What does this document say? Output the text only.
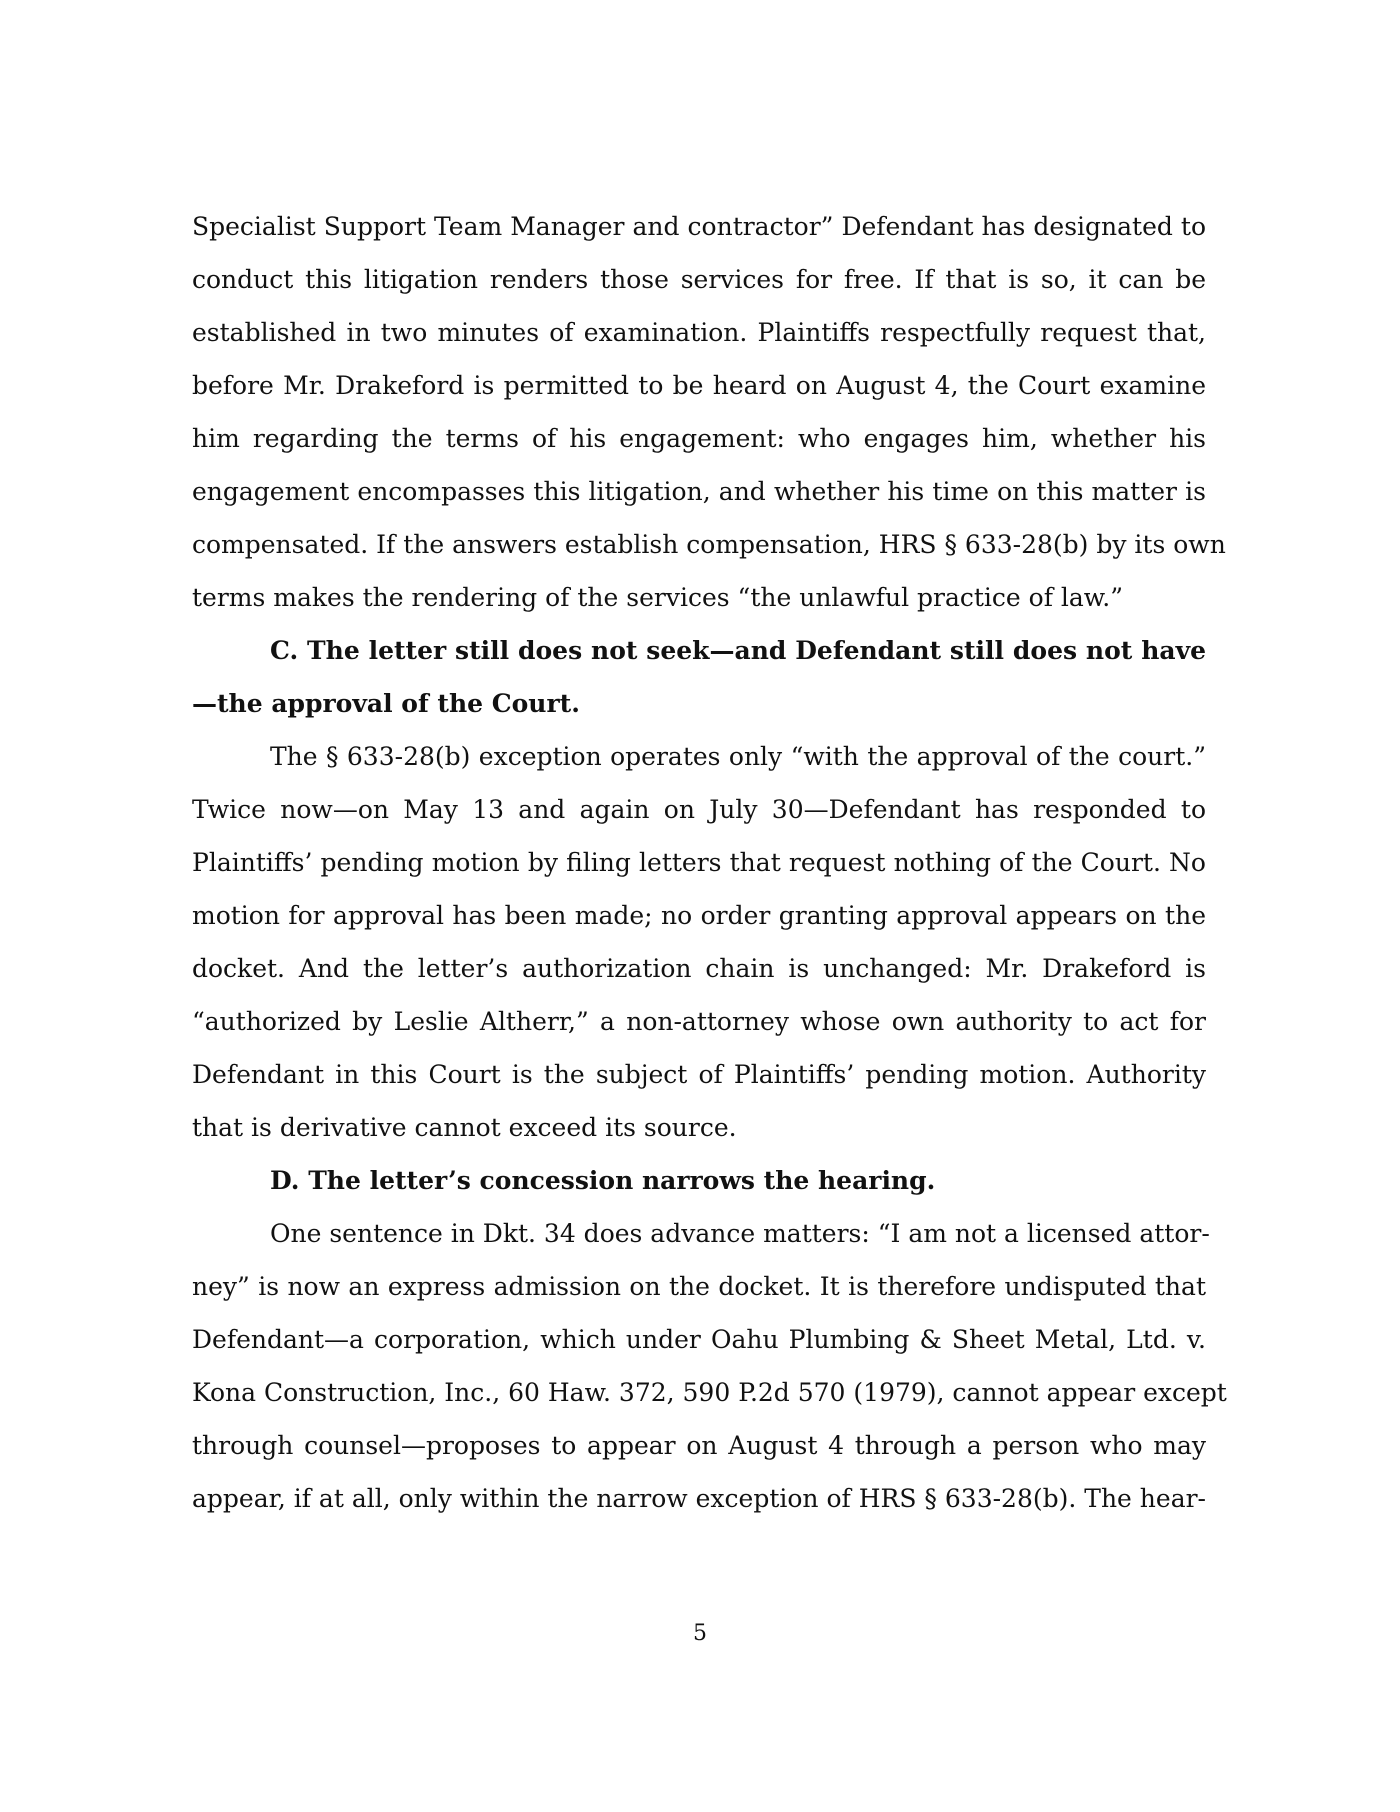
Specialist Support Team Manager and contractor” Defendant has designated to
conduct this litigation renders those services for free. If that is so, it can be
established in two minutes of examination. Plaintiffs respectfully request that,
before Mr. Drakeford is permitted to be heard on August 4, the Court examine
him regarding the terms of his engagement: who engages him, whether his
engagement encompasses this litigation, and whether his time on this matter is
compensated. If the answers establish compensation, HRS § 633-28(b) by its own
terms makes the rendering of the services “the unlawful practice of law.”
C. The letter still does not seek—and Defendant still does not have
—the approval of the Court.
The § 633-28(b) exception operates only “with the approval of the court.”
Twice now—on May 13 and again on July 30—Defendant has responded to
Plaintiffs’ pending motion by filing letters that request nothing of the Court. No
motion for approval has been made; no order granting approval appears on the
docket. And the letter’s authorization chain is unchanged: Mr. Drakeford is
“authorized by Leslie Altherr,” a non-attorney whose own authority to act for
Defendant in this Court is the subject of Plaintiffs’ pending motion. Authority
that is derivative cannot exceed its source.
D. The letter’s concession narrows the hearing.
One sentence in Dkt. 34 does advance matters: “I am not a licensed attor-
ney” is now an express admission on the docket. It is therefore undisputed that
Defendant—a corporation, which under Oahu Plumbing & Sheet Metal, Ltd. v.
Kona Construction, Inc., 60 Haw. 372, 590 P.2d 570 (1979), cannot appear except
through counsel—proposes to appear on August 4 through a person who may
appear, if at all, only within the narrow exception of HRS § 633-28(b). The hear-
5
